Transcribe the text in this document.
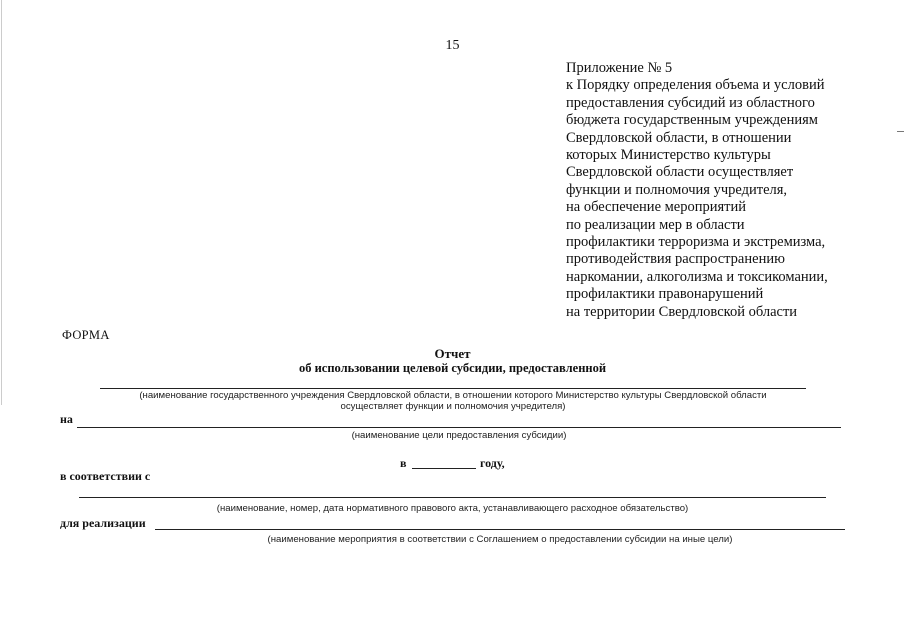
15
Приложение № 5
к Порядку определения объема и условий
предоставления субсидий из областного
бюджета государственным учреждениям
Свердловской области, в отношении
которых Министерство культуры
Свердловской области осуществляет
функции и полномочия учредителя,
на обеспечение мероприятий
по реализации мер в области
профилактики терроризма и экстремизма,
противодействия распространению
наркомании, алкоголизма и токсикомании,
профилактики правонарушений
на территории Свердловской области
ФОРМА
Отчет
об использовании целевой субсидии, предоставленной
(наименование государственного учреждения Свердловской области, в отношении которого Министерство культуры Свердловской области
осуществляет функции и полномочия учредителя)
на
(наименование цели предоставления субсидии)
в	году,
в соответствии с
(наименование, номер, дата нормативного правового акта, устанавливающего расходное обязательство)
для реализации
(наименование мероприятия в соответствии с Соглашением о предоставлении субсидии на иные цели)
